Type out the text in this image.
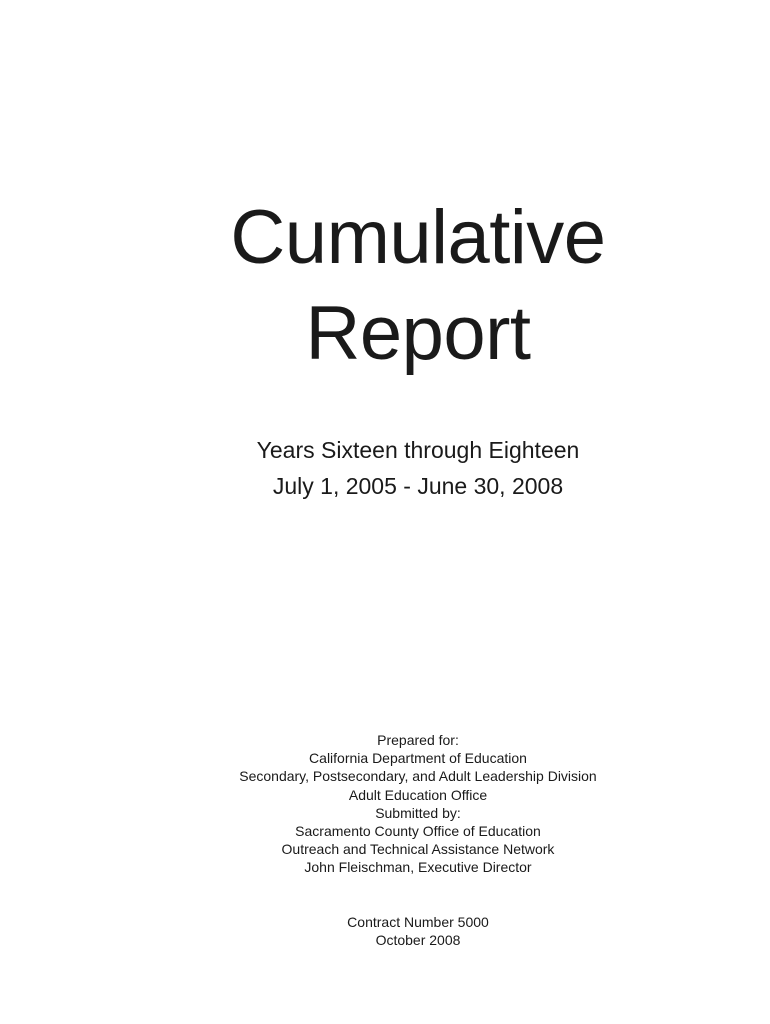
Cumulative
Report
Years Sixteen through Eighteen
July 1, 2005 - June 30, 2008
Prepared for:
California Department of Education
Secondary, Postsecondary, and Adult Leadership Division
Adult Education Office
Submitted by:
Sacramento County Office of Education
Outreach and Technical Assistance Network
John Fleischman, Executive Director
Contract Number 5000
October 2008
